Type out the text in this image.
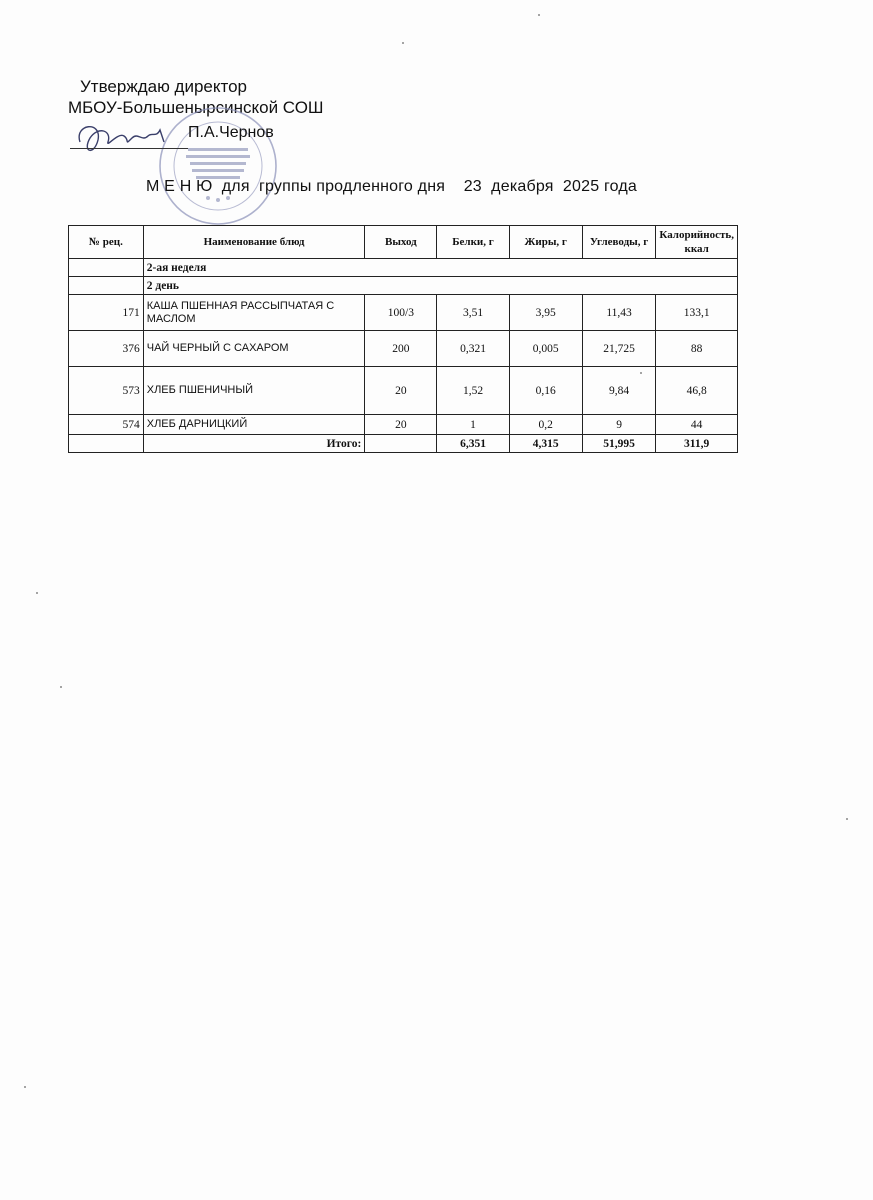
Утверждаю директор
МБОУ-Большенырсинской СОШ
П.А.Чернов
М Е Н Ю  для  группы продленного дня    23  декабря  2025 года
№ рец.	Наименование блюд	Выход	Белки, г	Жиры, г	Углеводы, г	Калорийность, ккал
	2-ая неделя					
	2 день					
171	КАША ПШЕННАЯ РАССЫПЧАТАЯ С МАСЛОМ	100/3	3,51	3,95	11,43	133,1
376	ЧАЙ ЧЕРНЫЙ С САХАРОМ	200	0,321	0,005	21,725	88
573	ХЛЕБ ПШЕНИЧНЫЙ	20	1,52	0,16	9,84	46,8
574	ХЛЕБ ДАРНИЦКИЙ	20	1	0,2	9	44
	Итого:		6,351	4,315	51,995	311,9
